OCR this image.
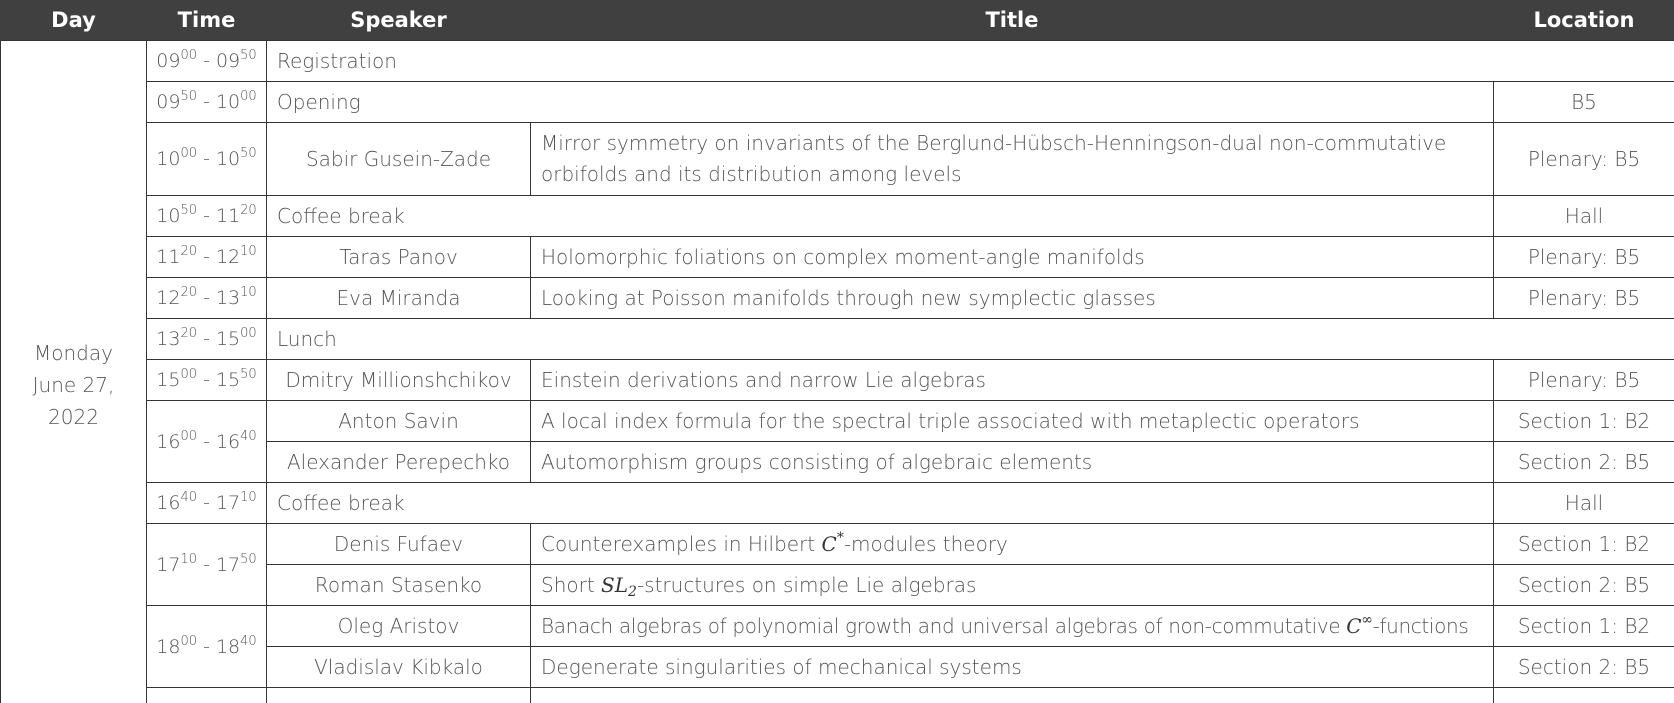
Day	Time	Speaker	Title	Location	

Monday
June 27,
2022	$09^{00} - 09^{50}$	Registration	
	$09^{50} - 10^{00}$	Opening		B5	
	$10^{00} - 10^{50}$	Sabir Gusein-Zade	Mirror symmetry on invariants of the Berglund-Hübsch-Henningson-dual non-commutative orbifolds and its distribution among levels	Plenary: B5	
	$10^{50} - 11^{20}$	Coffee break		Hall	
	$11^{20} - 12^{10}$	Taras Panov	Holomorphic foliations on complex moment-angle manifolds	Plenary: B5	
	$12^{20} - 13^{10}$	Eva Miranda	Looking at Poisson manifolds through new symplectic glasses	Plenary: B5	
	$13^{20} - 15^{00}$	Lunch			
	$15^{00} - 15^{50}$	Dmitry Millionshchikov	Einstein derivations and narrow Lie algebras	Plenary: B5	
	$16^{00} - 16^{40}$	Anton Savin	A local index formula for the spectral triple associated with metaplectic operators	Section 1: B2	
		Alexander Perepechko	Automorphism groups consisting of algebraic elements	Section 2: B5	
	$16^{40} - 17^{10}$	Coffee break		Hall	
	$17^{10} - 17^{50}$	Denis Fufaev	Counterexamples in Hilbert C*-modules theory	Section 1: B2	
		Roman Stasenko	Short $SL_2$-structures on simple Lie algebras	Section 2: B5	
	$18^{00} - 18^{40}$	Oleg Aristov	Banach algebras of polynomial growth and universal algebras of non-commutative C∞-functions	Section 1: B2	
		Vladislav Kibkalo	Degenerate singularities of mechanical systems	Section 2: B5	
